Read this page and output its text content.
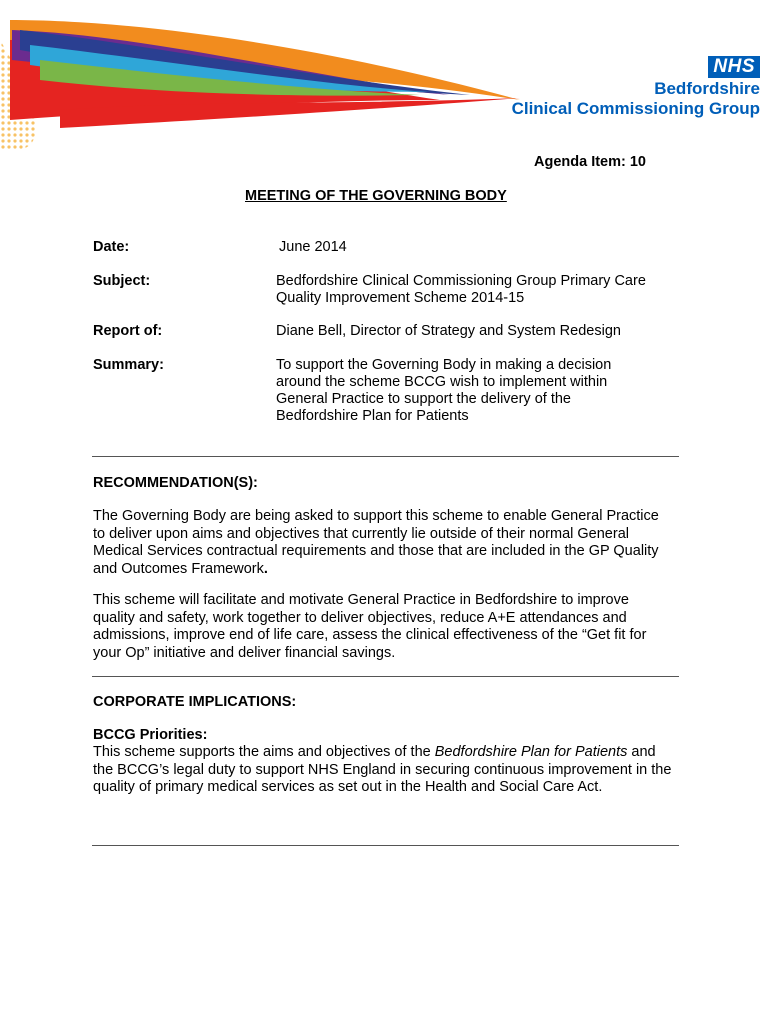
NHS
Bedfordshire
Clinical Commissioning Group
Agenda Item: 10
MEETING OF THE GOVERNING BODY
Date:	June 2014
Subject:	Bedfordshire Clinical Commissioning Group Primary Care Quality Improvement Scheme 2014-15
Report of:	Diane Bell, Director of Strategy and System Redesign
Summary:	To support the Governing Body in making a decision around the scheme BCCG wish to implement within General Practice to support the delivery of the Bedfordshire Plan for Patients
RECOMMENDATION(S):
The Governing Body are being asked to support this scheme to enable General Practice to deliver upon aims and objectives that currently lie outside of their normal General Medical Services contractual requirements and those that are included in the GP Quality and Outcomes Framework.
This scheme will facilitate and motivate General Practice in Bedfordshire to improve quality and safety, work together to deliver objectives, reduce A+E attendances and admissions, improve end of life care, assess the clinical effectiveness of the “Get fit for your Op” initiative and deliver financial savings.
CORPORATE IMPLICATIONS:
BCCG Priorities:
This scheme supports the aims and objectives of the Bedfordshire Plan for Patients and the BCCG’s legal duty to support NHS England in securing continuous improvement in the quality of primary medical services as set out in the Health and Social Care Act.
